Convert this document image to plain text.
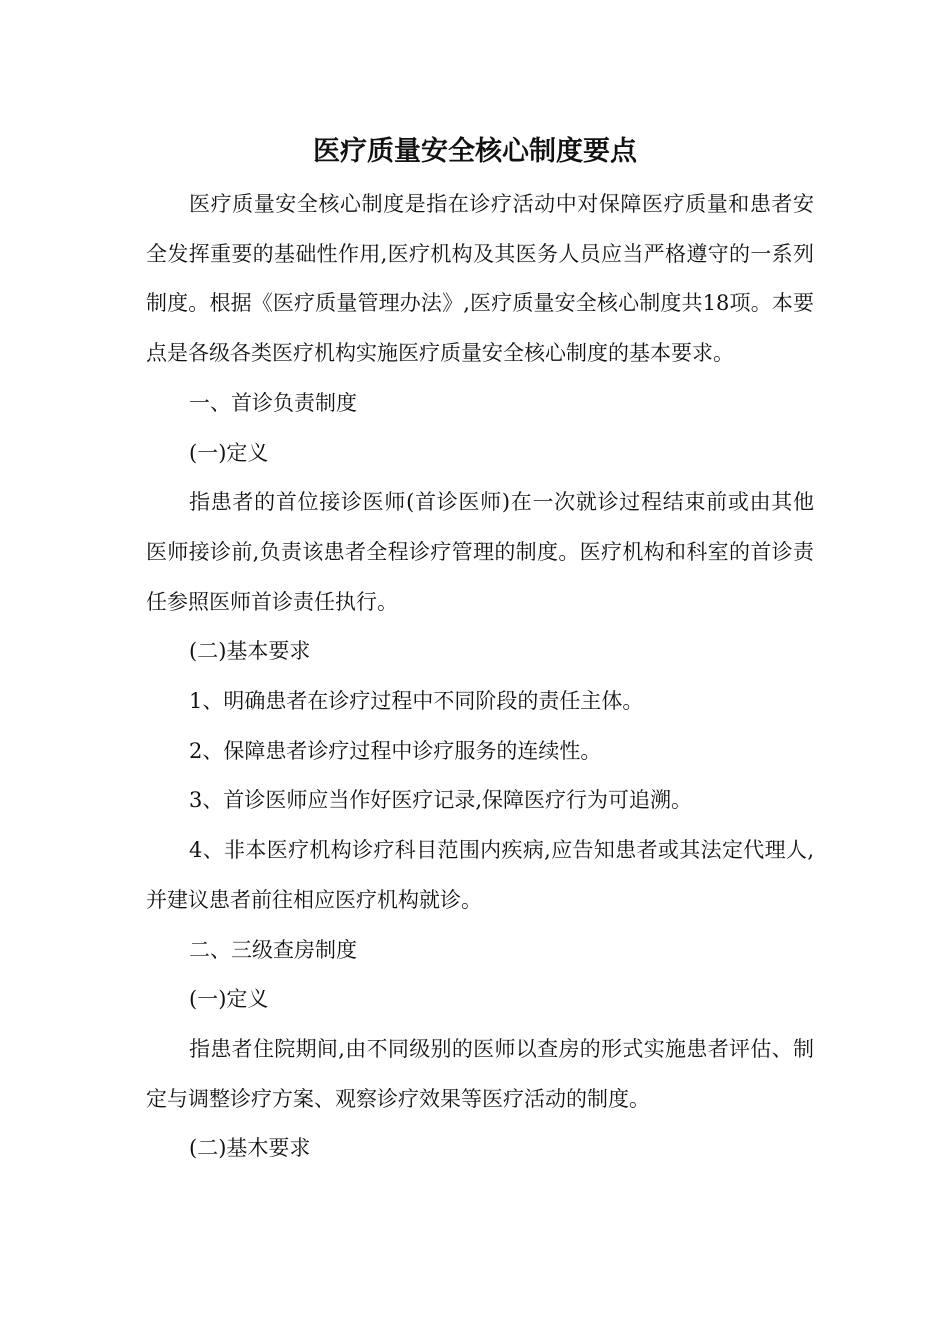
医疗质量安全核心制度要点

医疗质量安全核心制度是指在诊疗活动中对保障医疗质量和患者安全发挥重要的基础性作用,医疗机构及其医务人员应当严格遵守的一系列制度。根据《医疗质量管理办法》,医疗质量安全核心制度共18项。本要点是各级各类医疗机构实施医疗质量安全核心制度的基本要求。

一、首诊负责制度

(一)定义

指患者的首位接诊医师(首诊医师)在一次就诊过程结束前或由其他医师接诊前,负责该患者全程诊疗管理的制度。医疗机构和科室的首诊责任参照医师首诊责任执行。

(二)基本要求

1、明确患者在诊疗过程中不同阶段的责任主体。

2、保障患者诊疗过程中诊疗服务的连续性。

3、首诊医师应当作好医疗记录,保障医疗行为可追溯。

4、非本医疗机构诊疗科目范围内疾病,应告知患者或其法定代理人,并建议患者前往相应医疗机构就诊。

二、三级查房制度

(一)定义

指患者住院期间,由不同级别的医师以查房的形式实施患者评估、制定与调整诊疗方案、观察诊疗效果等医疗活动的制度。

(二)基木要求
